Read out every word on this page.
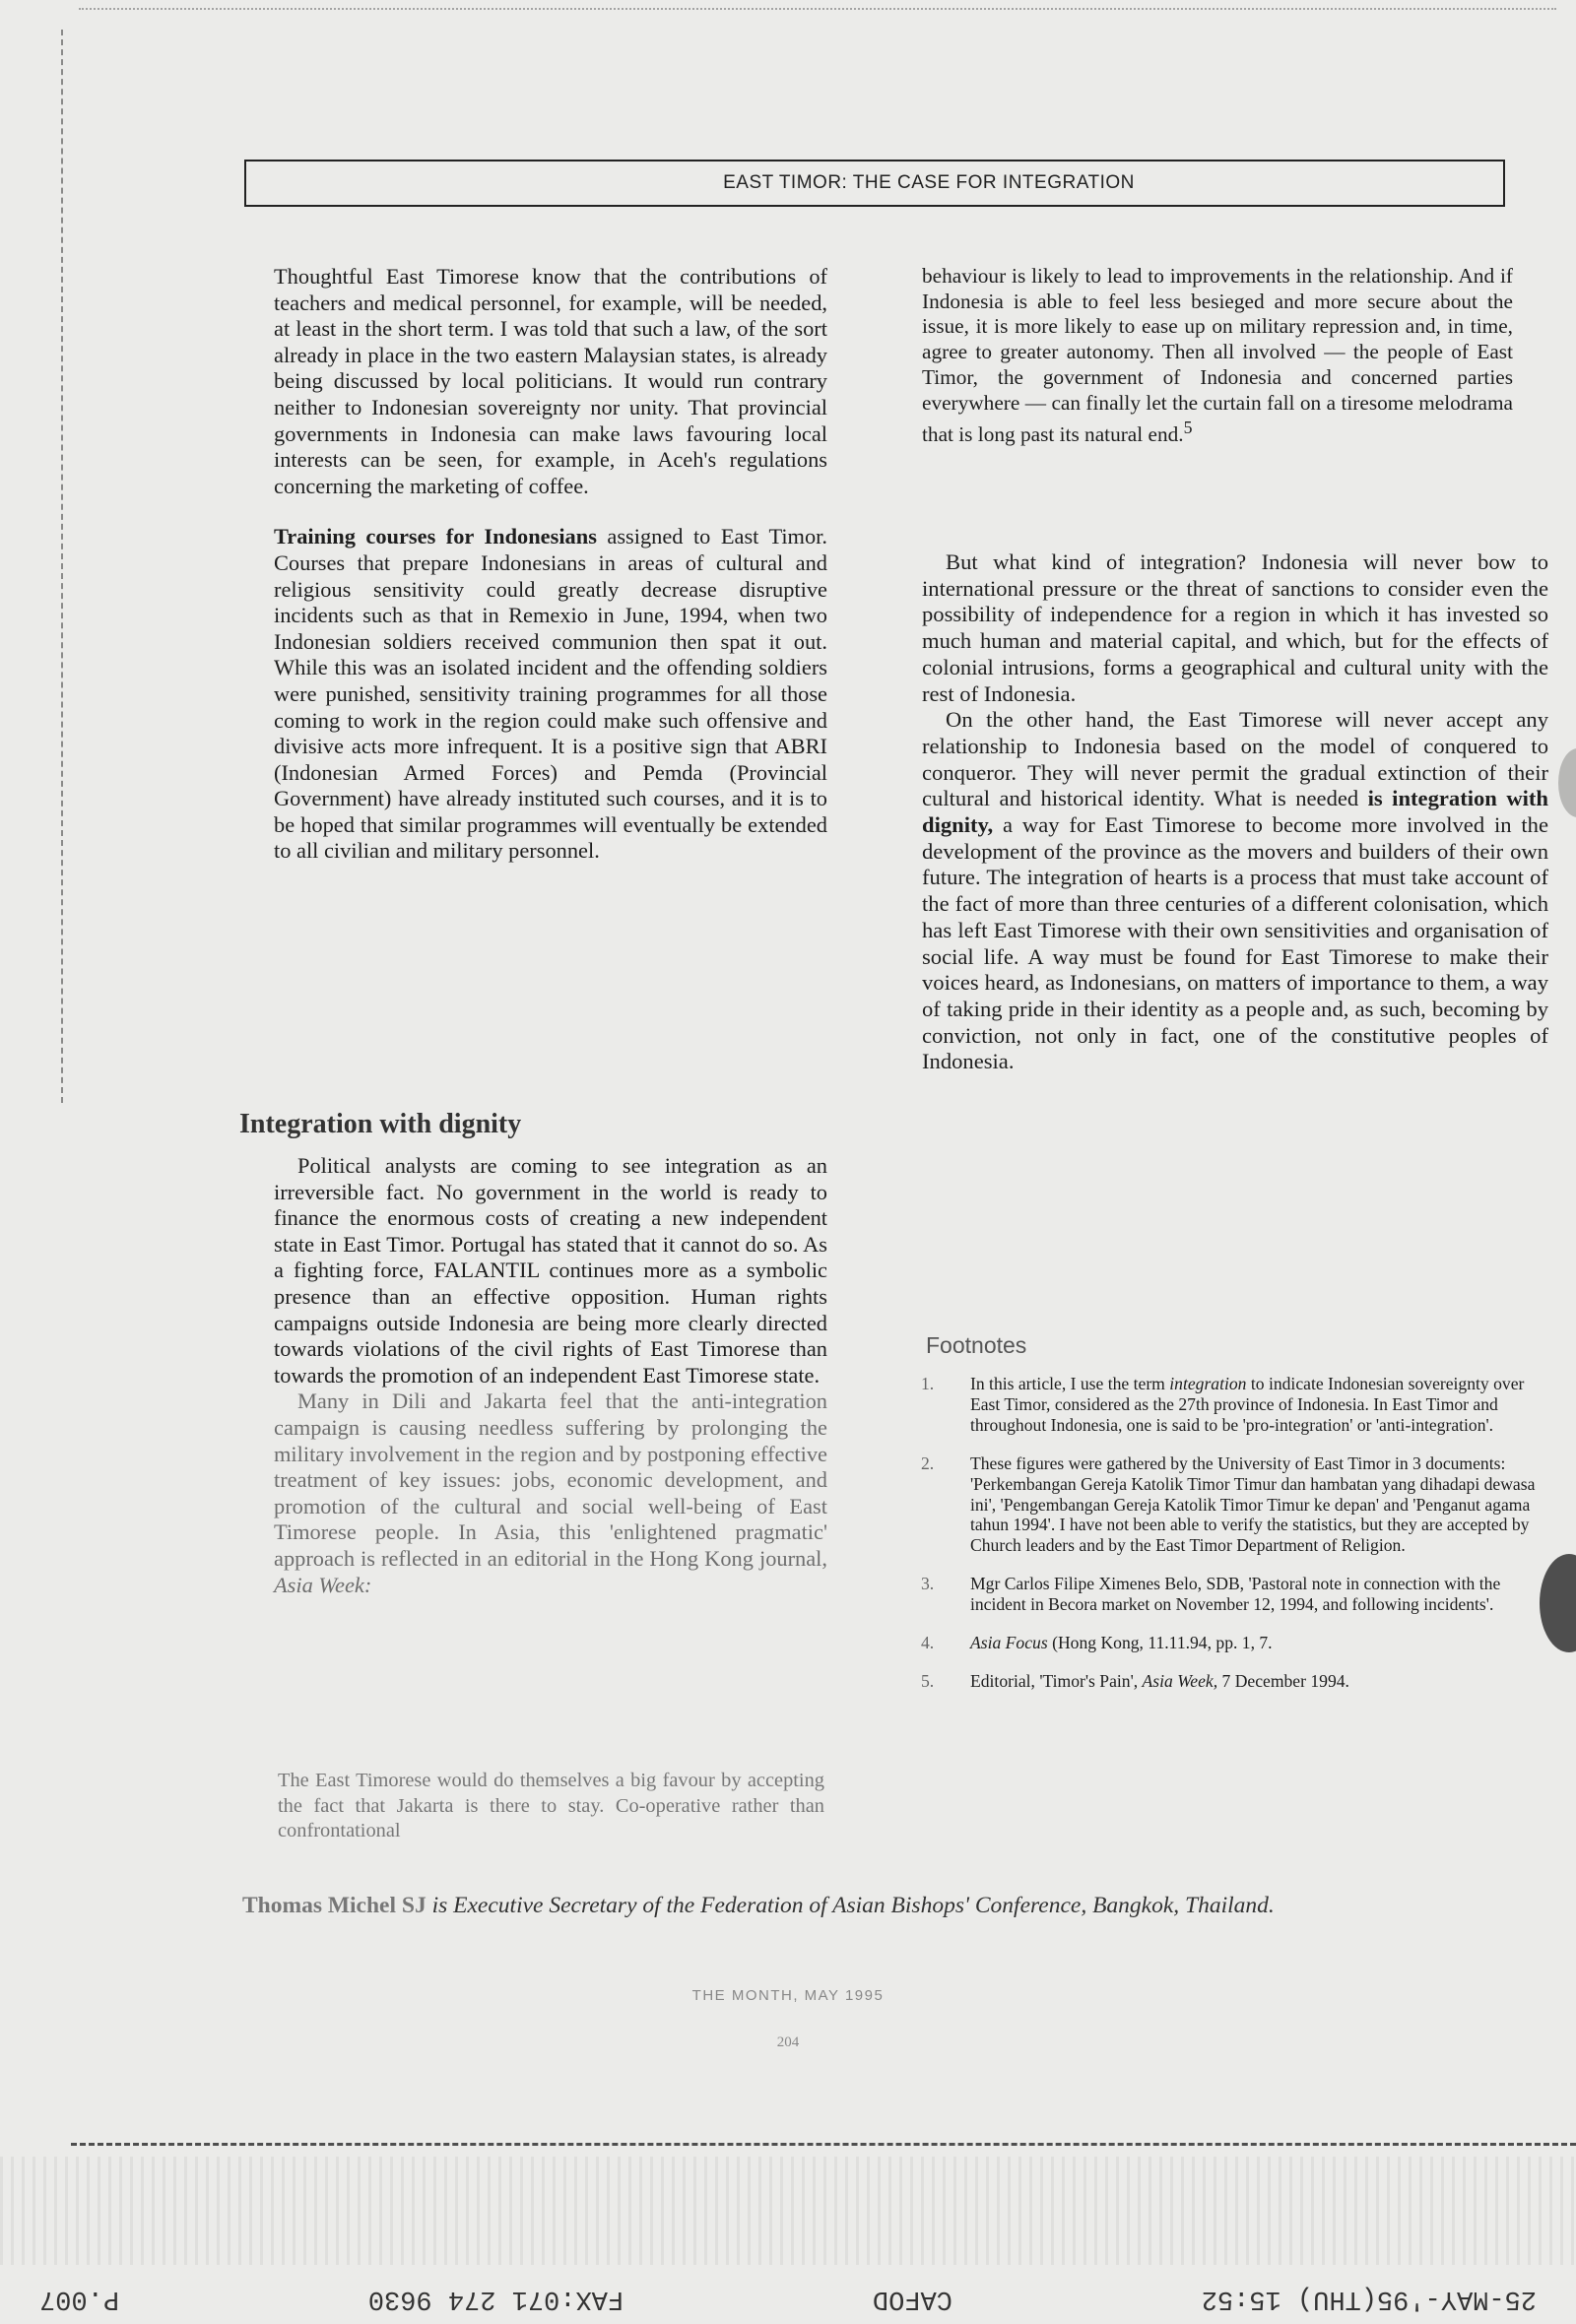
EAST TIMOR: THE CASE FOR INTEGRATION

Thoughtful East Timorese know that the contributions of teachers and medical personnel, for example, will be needed, at least in the short term. I was told that such a law, of the sort already in place in the two eastern Malaysian states, is already being discussed by local politicians. It would run contrary neither to Indonesian sovereignty nor unity. That provincial governments in Indonesia can make laws favouring local interests can be seen, for example, in Aceh's regulations concerning the marketing of coffee.

Training courses for Indonesians assigned to East Timor. Courses that prepare Indonesians in areas of cultural and religious sensitivity could greatly decrease disruptive incidents such as that in Remexio in June, 1994, when two Indonesian soldiers received communion then spat it out. While this was an isolated incident and the offending soldiers were punished, sensitivity training programmes for all those coming to work in the region could make such offensive and divisive acts more infrequent. It is a positive sign that ABRI (Indonesian Armed Forces) and Pemda (Provincial Government) have already instituted such courses, and it is to be hoped that similar programmes will eventually be extended to all civilian and military personnel.

Integration with dignity

Political analysts are coming to see integration as an irreversible fact. No government in the world is ready to finance the enormous costs of creating a new independent state in East Timor. Portugal has stated that it cannot do so. As a fighting force, FALANTIL continues more as a symbolic presence than an effective opposition. Human rights campaigns outside Indonesia are being more clearly directed towards violations of the civil rights of East Timorese than towards the promotion of an independent East Timorese state.

Many in Dili and Jakarta feel that the anti-integration campaign is causing needless suffering by prolonging the military involvement in the region and by postponing effective treatment of key issues: jobs, economic development, and promotion of the cultural and social well-being of East Timorese people. In Asia, this 'enlightened pragmatic' approach is reflected in an editorial in the Hong Kong journal, Asia Week:

The East Timorese would do themselves a big favour by accepting the fact that Jakarta is there to stay. Co-operative rather than confrontational

behaviour is likely to lead to improvements in the relationship. And if Indonesia is able to feel less besieged and more secure about the issue, it is more likely to ease up on military repression and, in time, agree to greater autonomy. Then all involved — the people of East Timor, the government of Indonesia and concerned parties everywhere — can finally let the curtain fall on a tiresome melodrama that is long past its natural end.$^5$

But what kind of integration? Indonesia will never bow to international pressure or the threat of sanctions to consider even the possibility of independence for a region in which it has invested so much human and material capital, and which, but for the effects of colonial intrusions, forms a geographical and cultural unity with the rest of Indonesia.

On the other hand, the East Timorese will never accept any relationship to Indonesia based on the model of conquered to conqueror. They will never permit the gradual extinction of their cultural and historical identity. What is needed is integration with dignity, a way for East Timorese to become more involved in the development of the province as the movers and builders of their own future. The integration of hearts is a process that must take account of the fact of more than three centuries of a different colonisation, which has left East Timorese with their own sensitivities and organisation of social life. A way must be found for East Timorese to make their voices heard, as Indonesians, on matters of importance to them, a way of taking pride in their identity as a people and, as such, becoming by conviction, not only in fact, one of the constitutive peoples of Indonesia.

Footnotes
1.	In this article, I use the term integration to indicate Indonesian sovereignty over East Timor, considered as the 27th province of Indonesia. In East Timor and throughout Indonesia, one is said to be 'pro-integration' or 'anti-integration'.
2.	These figures were gathered by the University of East Timor in 3 documents: 'Perkembangan Gereja Katolik Timor Timur dan hambatan yang dihadapi dewasa ini', 'Pengembangan Gereja Katolik Timor Timur ke depan' and 'Penganut agama tahun 1994'. I have not been able to verify the statistics, but they are accepted by Church leaders and by the East Timor Department of Religion.
3.	Mgr Carlos Filipe Ximenes Belo, SDB, 'Pastoral note in connection with the incident in Becora market on November 12, 1994, and following incidents'.
4.	Asia Focus (Hong Kong, 11.11.94, pp. 1, 7.
5.	Editorial, 'Timor's Pain', Asia Week, 7 December 1994.
Thomas Michel SJ is Executive Secretary of the Federation of Asian Bishops' Conference, Bangkok, Thailand.
THE MONTH, MAY 1995
204
25-MAY-'95(THU) 15:52
CAFOD
FAX:071 274 9630
P.007
